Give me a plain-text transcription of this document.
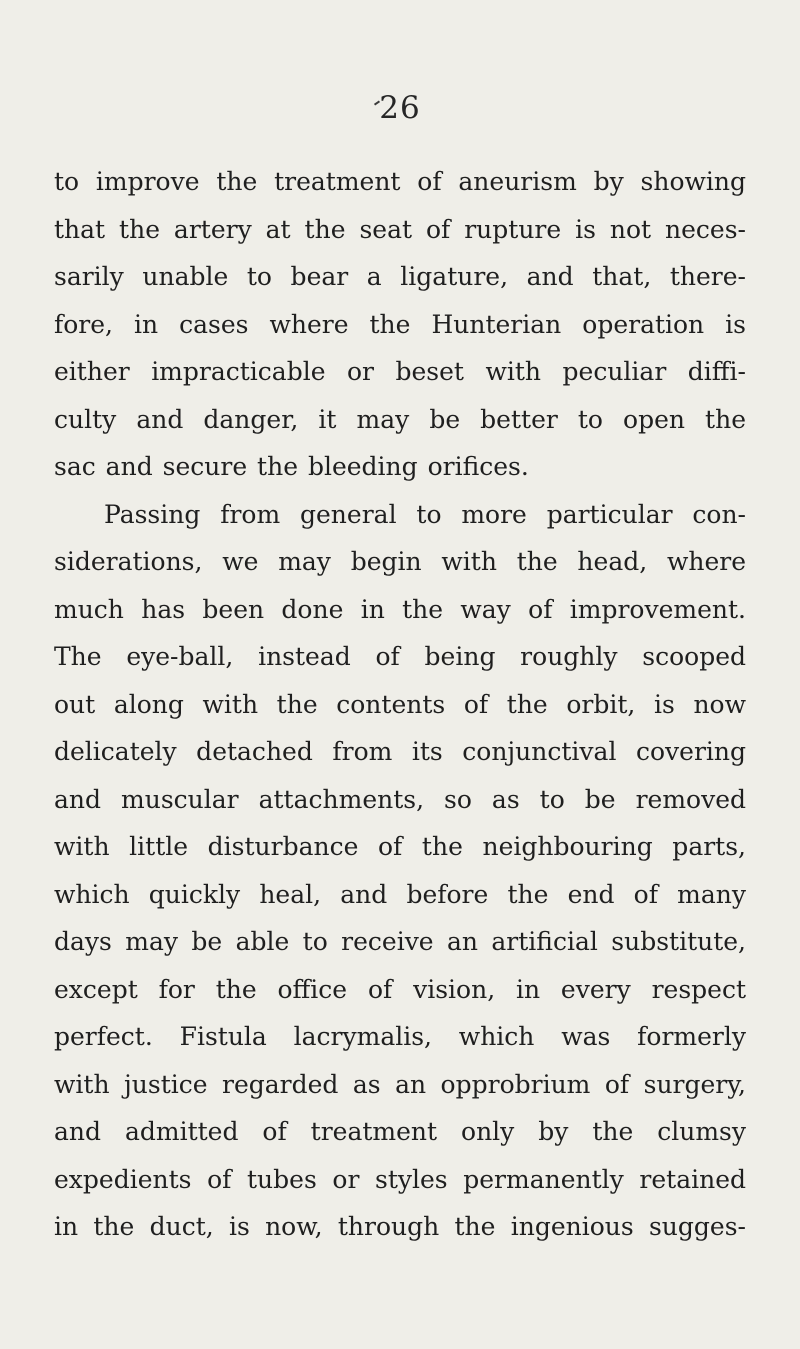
26
to improve the treatment of aneurism by showing
that the artery at the seat of rupture is not neces-
sarily unable to bear a ligature, and that, there-
fore, in cases where the Hunterian operation is
either impracticable or beset with peculiar diffi-
culty and danger, it may be better to open the
sac and secure the bleeding orifices.
Passing from general to more particular con-
siderations, we may begin with the head, where
much has been done in the way of improvement.
The eye-ball, instead of being roughly scooped
out along with the contents of the orbit, is now
delicately detached from its conjunctival covering
and muscular attachments, so as to be removed
with little disturbance of the neighbouring parts,
which quickly heal, and before the end of many
days may be able to receive an artificial substitute,
except for the office of vision, in every respect
perfect. Fistula lacrymalis, which was formerly
with justice regarded as an opprobrium of surgery,
and admitted of treatment only by the clumsy
expedients of tubes or styles permanently retained
in the duct, is now, through the ingenious sugges-
